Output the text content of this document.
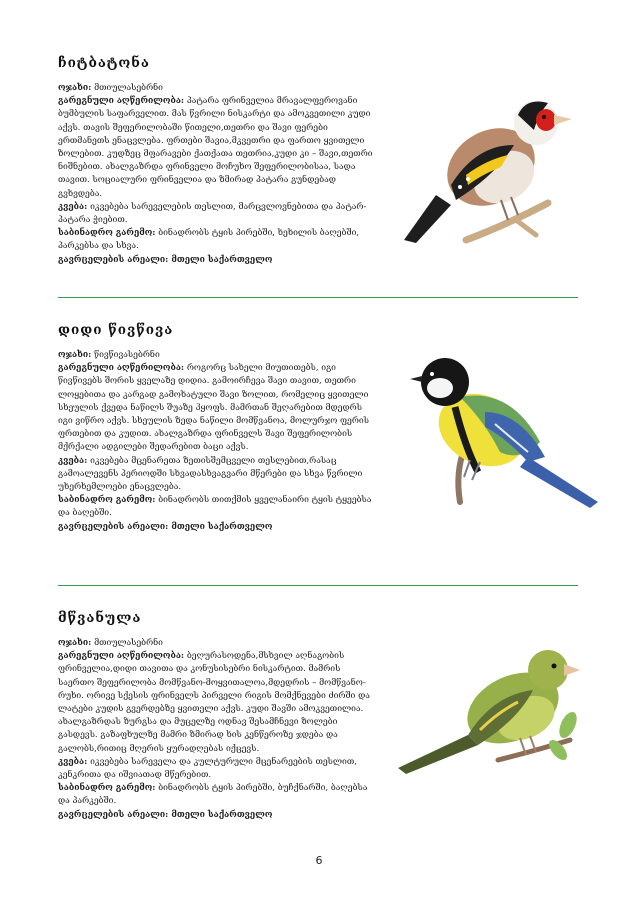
ჩიტბატონა

ოჯახი: მთიულასებრნი

გარეგნული აღწერილობა: პატარა ფრინველია მრავალფეროვანი ბუმბულის საფარველით. მას წვრილი ნისკარტი და ამოკვეთილი კუდი აქვს. თავის შეფერილობაში წითელი,თეთრი და შავი ფერები ერთმანეთს ენაცვლება. ფრთები შავია,მკვეთრი და ფართო ყვითელი ზოლებით. კუდზეც მფარავები ქათქათა თეთრია,კუდი კი – შავი,თეთრი ნიშნებით. ახალგაზრდა ფრინველი მოჩუხო შეფერილობისაა, სადა თავით. სოციალური ფრინველია და ზმირად პატარა გუნდებად გვხვდება.

კვება: იკვებება სარეველების თესლით, მარცვლოვნებითა და პატარ-პატარა ჭიებით.

საბინადრო გარემო: ბინადრობს ტყის პირებში, ხეხილის ბაღებში, პარკებსა და სხვა.

გავრცელების არეალი: მთელი საქართველო

დიდი წივწივა

ოჯახი: წივწივასებრნი

გარეგნული აღწერილობა: როგორც სახელი მიუთითებს, იგი წივწივებს შორის ყველაზე დიდია. გამოირჩევა შავი თავით, თეთრი ლოყებითა და კარგად გამოხატული შავი ზოლით, რომელიც ყვითელი სხეულის ქვედა ნაწილს შუაზე ჰყოფს. მამრთან შეღარებით მდედრს იგი ვიწრო აქვს. სხეულის ზედა ნაწილი მომწვანოა, მოლურჯო ფერის ფრთებით და კუდით. ახალგაზრდა ფრინველს შავი შეფერილობის მქრქალი ადგილები შედარებით ბაცი აქვს.

კვება: იკვებება მცენარეთა ზეთისშემცველი თესლებით,რასაც გამოალევენს პერიოდში სხვადასხვაგვარი მწერები და სხვა წვრილი უხერხემლოები ენაცვლება.

საბინადრო გარემო: ბინადრობს თითქმის ყველანაირი ტყის ტყეებსა და ბაღებში.

გავრცელების არეალი: მთელი საქართველო

მწვანულა

ოჯახი: მთიულასებრნი

გარეგნული აღწერილობა: ბეღურასოდენა,მსხვილ აღნაგობის ფრინველია,დიდი თავითა და კონუსისებრი ნისკარტით. მამრის საერთო შეფერილობა მომწვანო-მოყვითალოა,მდედრის – მომწვანო-რუხი. ორივე სქესის ფრინველს პირველი რიგის მომქნევები ძირში და ლატები კუდის გვერდებზე ყვითელი აქვს. კუდი შავში ამოკვეთილია. ახალგაზრდას ზურგსა და მუცელზე ოდნავ შესამჩნევი ზოლები გასდევს. გაზაფხულზე მამრი ზმირად ხის კენწეროზე ჯდება და გალობს,რითიც მღერის ყურადღებას იქცევს.

კვება: იკვებება სარეველა და კულტურული მცენარეების თესლით, კენკრითა და იშვიათად მწერებით.

საბინადრო გარემო: ბინადრობს ტყის პირებში, ბუჩქნარში, ბაღებსა და პარკებში.

გავრცელების არეალი: მთელი საქართველო

6
